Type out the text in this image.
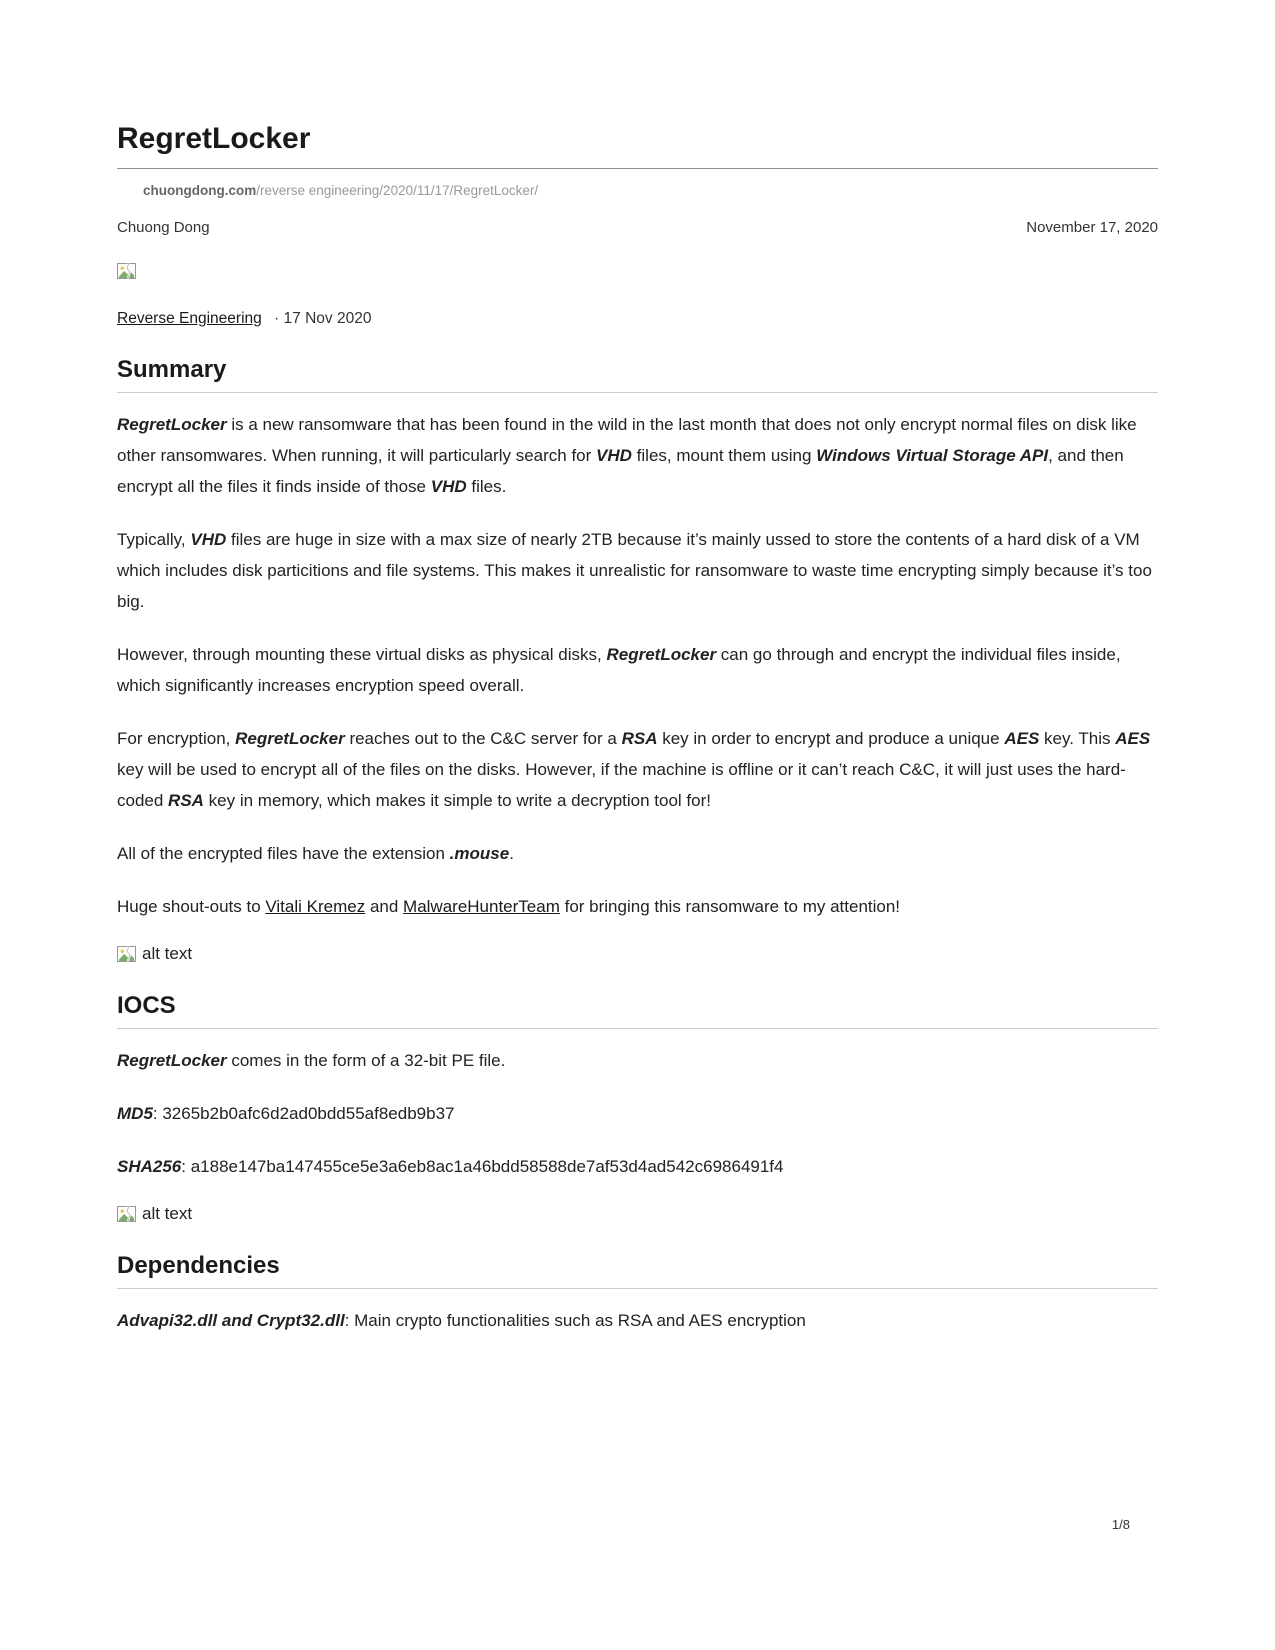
RegretLocker
chuongdong.com/reverse engineering/2020/11/17/RegretLocker/
Chuong Dong	November 17, 2020
Reverse Engineering · 17 Nov 2020
Summary

RegretLocker is a new ransomware that has been found in the wild in the last month that does not only encrypt normal files on disk like other ransomwares. When running, it will particularly search for VHD files, mount them using Windows Virtual Storage API, and then encrypt all the files it finds inside of those VHD files.

Typically, VHD files are huge in size with a max size of nearly 2TB because it’s mainly ussed to store the contents of a hard disk of a VM which includes disk particitions and file systems. This makes it unrealistic for ransomware to waste time encrypting simply because it’s too big.

However, through mounting these virtual disks as physical disks, RegretLocker can go through and encrypt the individual files inside, which significantly increases encryption speed overall.

For encryption, RegretLocker reaches out to the C&C server for a RSA key in order to encrypt and produce a unique AES key. This AES key will be used to encrypt all of the files on the disks. However, if the machine is offline or it can’t reach C&C, it will just uses the hard-coded RSA key in memory, which makes it simple to write a decryption tool for!

All of the encrypted files have the extension .mouse.

Huge shout-outs to Vitali Kremez and MalwareHunterTeam for bringing this ransomware to my attention!

alt text
IOCS

RegretLocker comes in the form of a 32-bit PE file.

MD5: 3265b2b0afc6d2ad0bdd55af8edb9b37

SHA256: a188e147ba147455ce5e3a6eb8ac1a46bdd58588de7af53d4ad542c6986491f4

alt text
Dependencies

Advapi32.dll and Crypt32.dll: Main crypto functionalities such as RSA and AES encryption

1/8
